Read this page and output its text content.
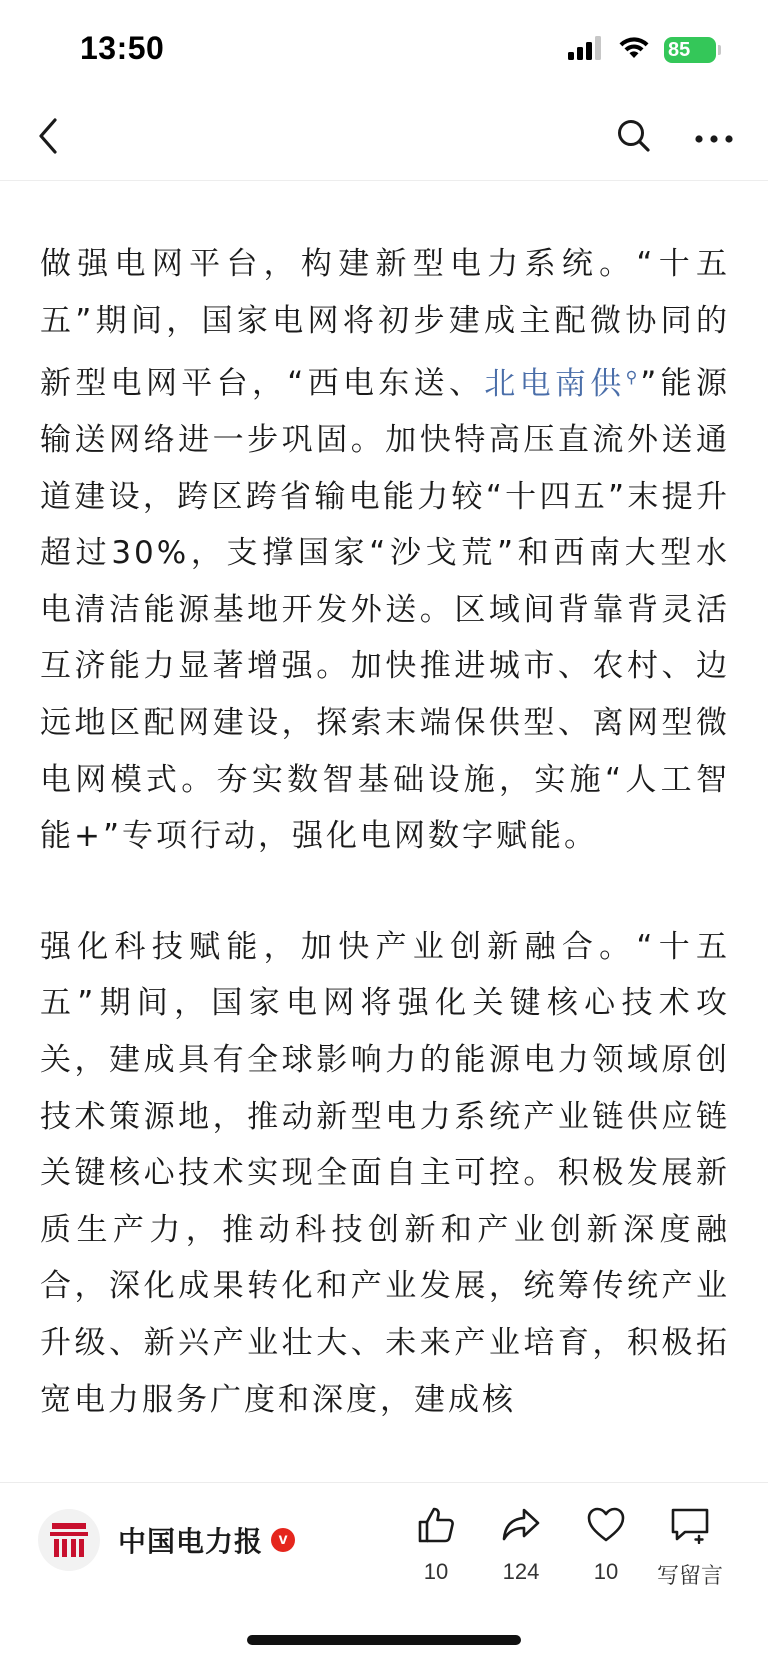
13:50	85

做强电网平台，构建新型电力系统。“十五五”期间，国家电网将初步建成主配微协同的新型电网平台，“西电东送、北电南供⚲”能源输送网络进一步巩固。加快特高压直流外送通道建设，跨区跨省输电能力较“十四五”末提升超过30%，支撑国家“沙戈荒”和西南大型水电清洁能源基地开发外送。区域间背靠背灵活互济能力显著增强。加快推进城市、农村、边远地区配网建设，探索末端保供型、离网型微电网模式。夯实数智基础设施，实施“人工智能+”专项行动，强化电网数字赋能。

强化科技赋能，加快产业创新融合。“十五五”期间，国家电网将强化关键核心技术攻关，建成具有全球影响力的能源电力领域原创技术策源地，推动新型电力系统产业链供应链关键核心技术实现全面自主可控。积极发展新质生产力，推动科技创新和产业创新深度融合，深化成果转化和产业发展，统筹传统产业升级、新兴产业壮大、未来产业培育，积极拓宽电力服务广度和深度，建成核

中国电力报 v
10 124 10 写留言
